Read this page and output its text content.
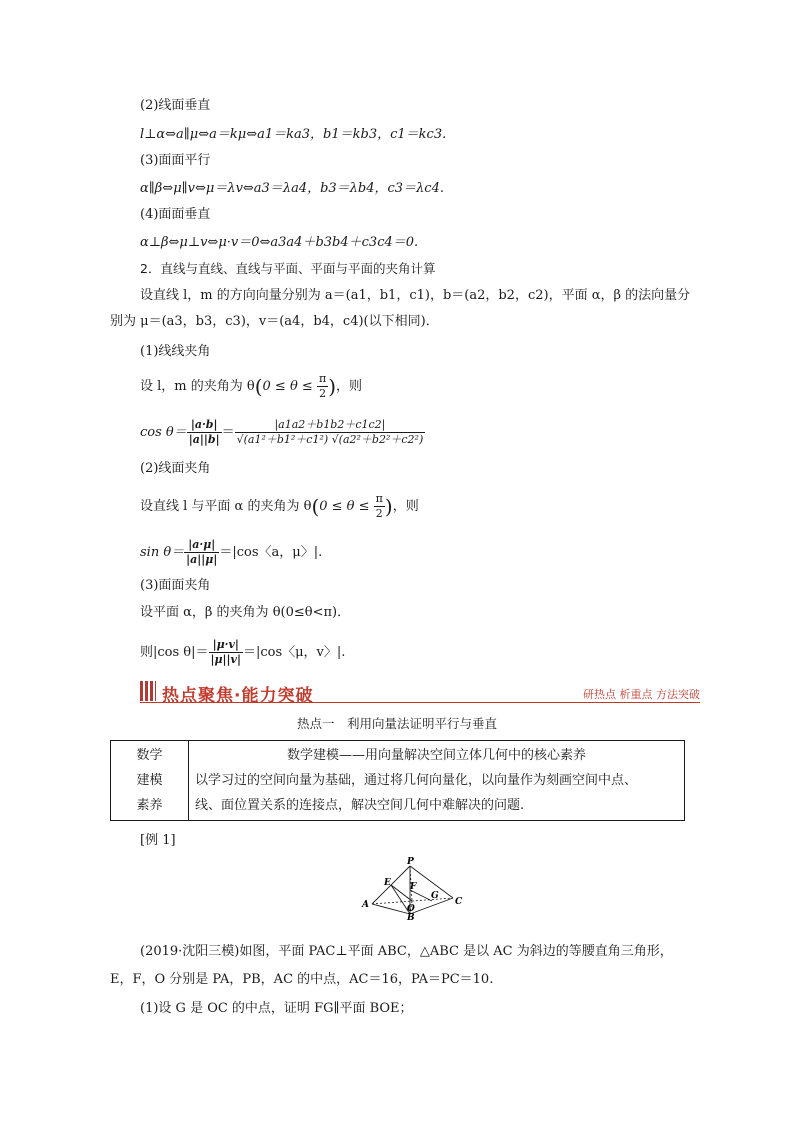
(2)线面垂直
l⊥α⇔a∥μ⇔a＝kμ⇔a1＝ka3，b1＝kb3，c1＝kc3.
(3)面面平行
α∥β⇔μ∥v⇔μ＝λv⇔a3＝λa4，b3＝λb4，c3＝λc4.
(4)面面垂直
α⊥β⇔μ⊥v⇔μ·v＝0⇔a3a4＋b3b4＋c3c4＝0.
2．直线与直线、直线与平面、平面与平面的夹角计算
设直线 l，m 的方向向量分别为 a＝(a1，b1，c1)，b＝(a2，b2，c2)，平面 α，β 的法向量分
别为 μ＝(a3，b3，c3)，v＝(a4，b4，c4)(以下相同)．
(1)线线夹角
设 l，m 的夹角为 $\theta(0 \le \theta \le \frac{\pi}{2}$ )，则
$\cos \theta= \frac{|a\cdot b|}{|a||b|} = \frac{|a1a2+b1b2+c1c2|}{\text{√(a1²＋b1²＋c1²) √(a2²＋b2²＋c2²)}}$
(2)线面夹角
设直线 l 与平面 α 的夹角为 $\theta(0 \le \theta \le \frac{\pi}{2}$ )，则
$\sin \theta= \frac{|a\cdot\mu|}{|a||\mu|} =|\cos$〈a，μ〉|.
(3)面面夹角
设平面 α，β 的夹角为 θ(0≤θ<π)．
则|cos $\theta|= \frac{|\mu\cdot v|}{|\mu||v|} =|\cos$〈μ，v〉|.
热点聚焦·能力突破	研热点 析重点 方法突破
热点一　利用向量法证明平行与垂直
数学
建模
素养

数学建模——用向量解决空间立体几何中的核心素养
以学习过的空间向量为基础，通过将几何向量化，以向量作为刻画空间中点、
线、面位置关系的连接点，解决空间几何中难解决的问题.
[例 1]
P
E F
A	O
G
C
B
(2019·沈阳三模)如图，平面 PAC⊥平面 ABC，△ABC 是以 AC 为斜边的等腰直角三角形，
E，F，O 分别是 PA，PB，AC 的中点，AC＝16，PA＝PC＝10.
(1)设 G 是 OC 的中点，证明 FG∥平面 BOE；
